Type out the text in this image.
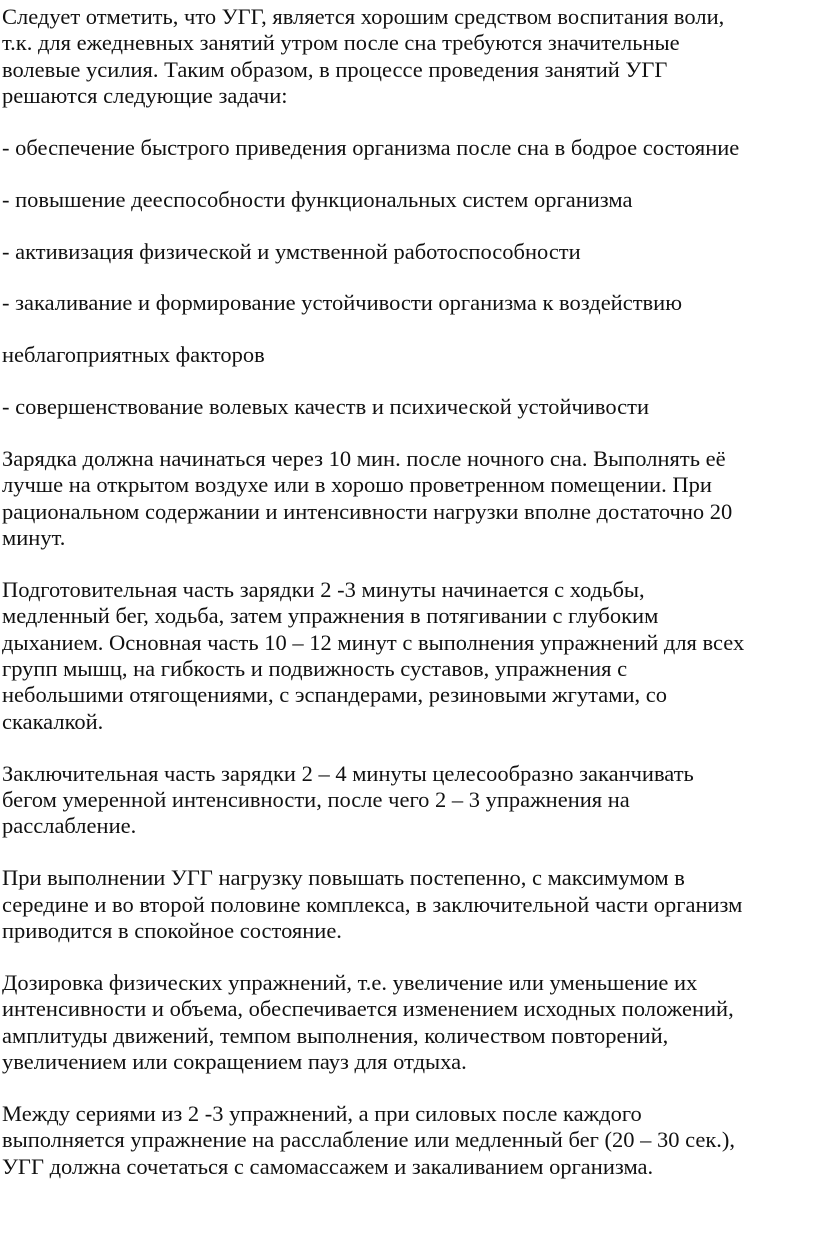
Следует отметить, что УГГ, является хорошим средством воспитания воли,
т.к. для ежедневных занятий утром после сна требуются значительные
волевые усилия. Таким образом, в процессе проведения занятий УГГ
решаются следующие задачи:
- обеспечение быстрого приведения организма после сна в бодрое состояние
- повышение дееспособности функциональных систем организма
- активизация физической и умственной работоспособности
- закаливание и формирование устойчивости организма к воздействию
неблагоприятных факторов
- совершенствование волевых качеств и психической устойчивости
Зарядка должна начинаться через 10 мин. после ночного сна. Выполнять её
лучше на открытом воздухе или в хорошо проветренном помещении. При
рациональном содержании и интенсивности нагрузки вполне достаточно 20
минут.
Подготовительная часть зарядки 2 -3 минуты начинается с ходьбы,
медленный бег, ходьба, затем упражнения в потягивании с глубоким
дыханием. Основная часть 10 – 12 минут с выполнения упражнений для всех
групп мышц, на гибкость и подвижность суставов, упражнения с
небольшими отягощениями, с эспандерами, резиновыми жгутами, со
скакалкой.
Заключительная часть зарядки 2 – 4 минуты целесообразно заканчивать
бегом умеренной интенсивности, после чего 2 – 3 упражнения на
расслабление.
При выполнении УГГ нагрузку повышать постепенно, с максимумом в
середине и во второй половине комплекса, в заключительной части организм
приводится в спокойное состояние.
Дозировка физических упражнений, т.е. увеличение или уменьшение их
интенсивности и объема, обеспечивается изменением исходных положений,
амплитуды движений, темпом выполнения, количеством повторений,
увеличением или сокращением пауз для отдыха.
Между сериями из 2 -3 упражнений, а при силовых после каждого
выполняется упражнение на расслабление или медленный бег (20 – 30 сек.),
УГГ должна сочетаться с самомассажем и закаливанием организма.
